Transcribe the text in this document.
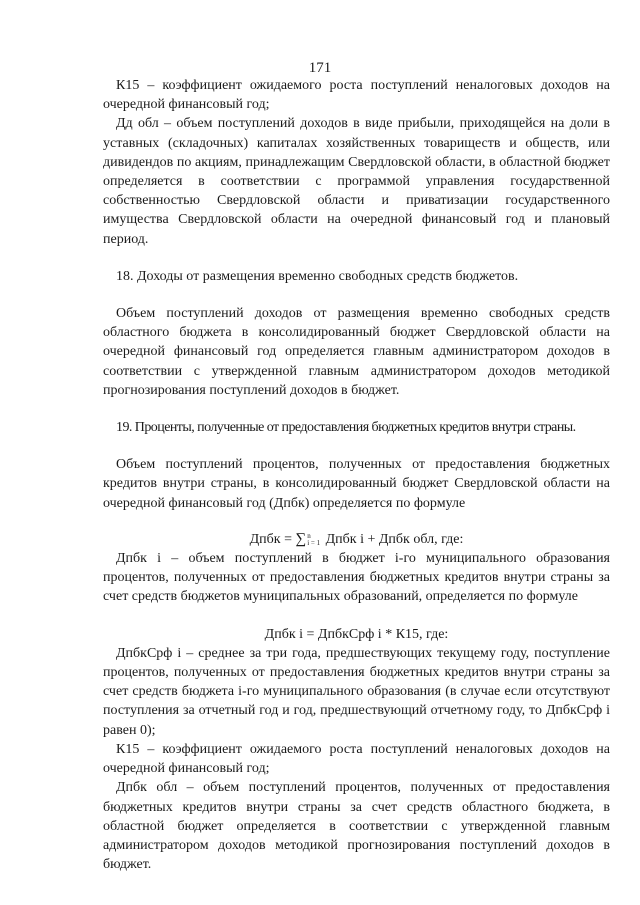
171

К15 – коэффициент ожидаемого роста поступлений неналоговых доходов на очередной финансовый год;

Дд обл – объем поступлений доходов в виде прибыли, приходящейся на доли в уставных (складочных) капиталах хозяйственных товариществ и обществ, или дивидендов по акциям, принадлежащим Свердловской области, в областной бюджет определяется в соответствии с программой управления государственной собственностью Свердловской области и приватизации государственного имущества Свердловской области на очередной финансовый год и плановый период.

18. Доходы от размещения временно свободных средств бюджетов.

Объем поступлений доходов от размещения временно свободных средств областного бюджета в консолидированный бюджет Свердловской области на очередной финансовый год определяется главным администратором доходов в соответствии с утвержденной главным администратором доходов методикой прогнозирования поступлений доходов в бюджет.

19. Проценты, полученные от предоставления бюджетных кредитов внутри страны.

Объем поступлений процентов, полученных от предоставления бюджетных кредитов внутри страны, в консолидированный бюджет Свердловской области на очередной финансовый год (Дпбк) определяется по формуле

Дпбк = ∑ n
i = 1 Дпбк i + Дпбк обл, где:

Дпбк i – объем поступлений в бюджет i-го муниципального образования процентов, полученных от предоставления бюджетных кредитов внутри страны за счет средств бюджетов муниципальных образований, определяется по формуле

Дпбк i = ДпбкСрф i * К15, где:

ДпбкСрф i – среднее за три года, предшествующих текущему году, поступление процентов, полученных от предоставления бюджетных кредитов внутри страны за счет средств бюджета i-го муниципального образования (в случае если отсутствуют поступления за отчетный год и год, предшествующий отчетному году, то ДпбкСрф i равен 0);

К15 – коэффициент ожидаемого роста поступлений неналоговых доходов на очередной финансовый год;

Дпбк обл – объем поступлений процентов, полученных от предоставления бюджетных кредитов внутри страны за счет средств областного бюджета, в областной бюджет определяется в соответствии с утвержденной главным администратором доходов методикой прогнозирования поступлений доходов в бюджет.
